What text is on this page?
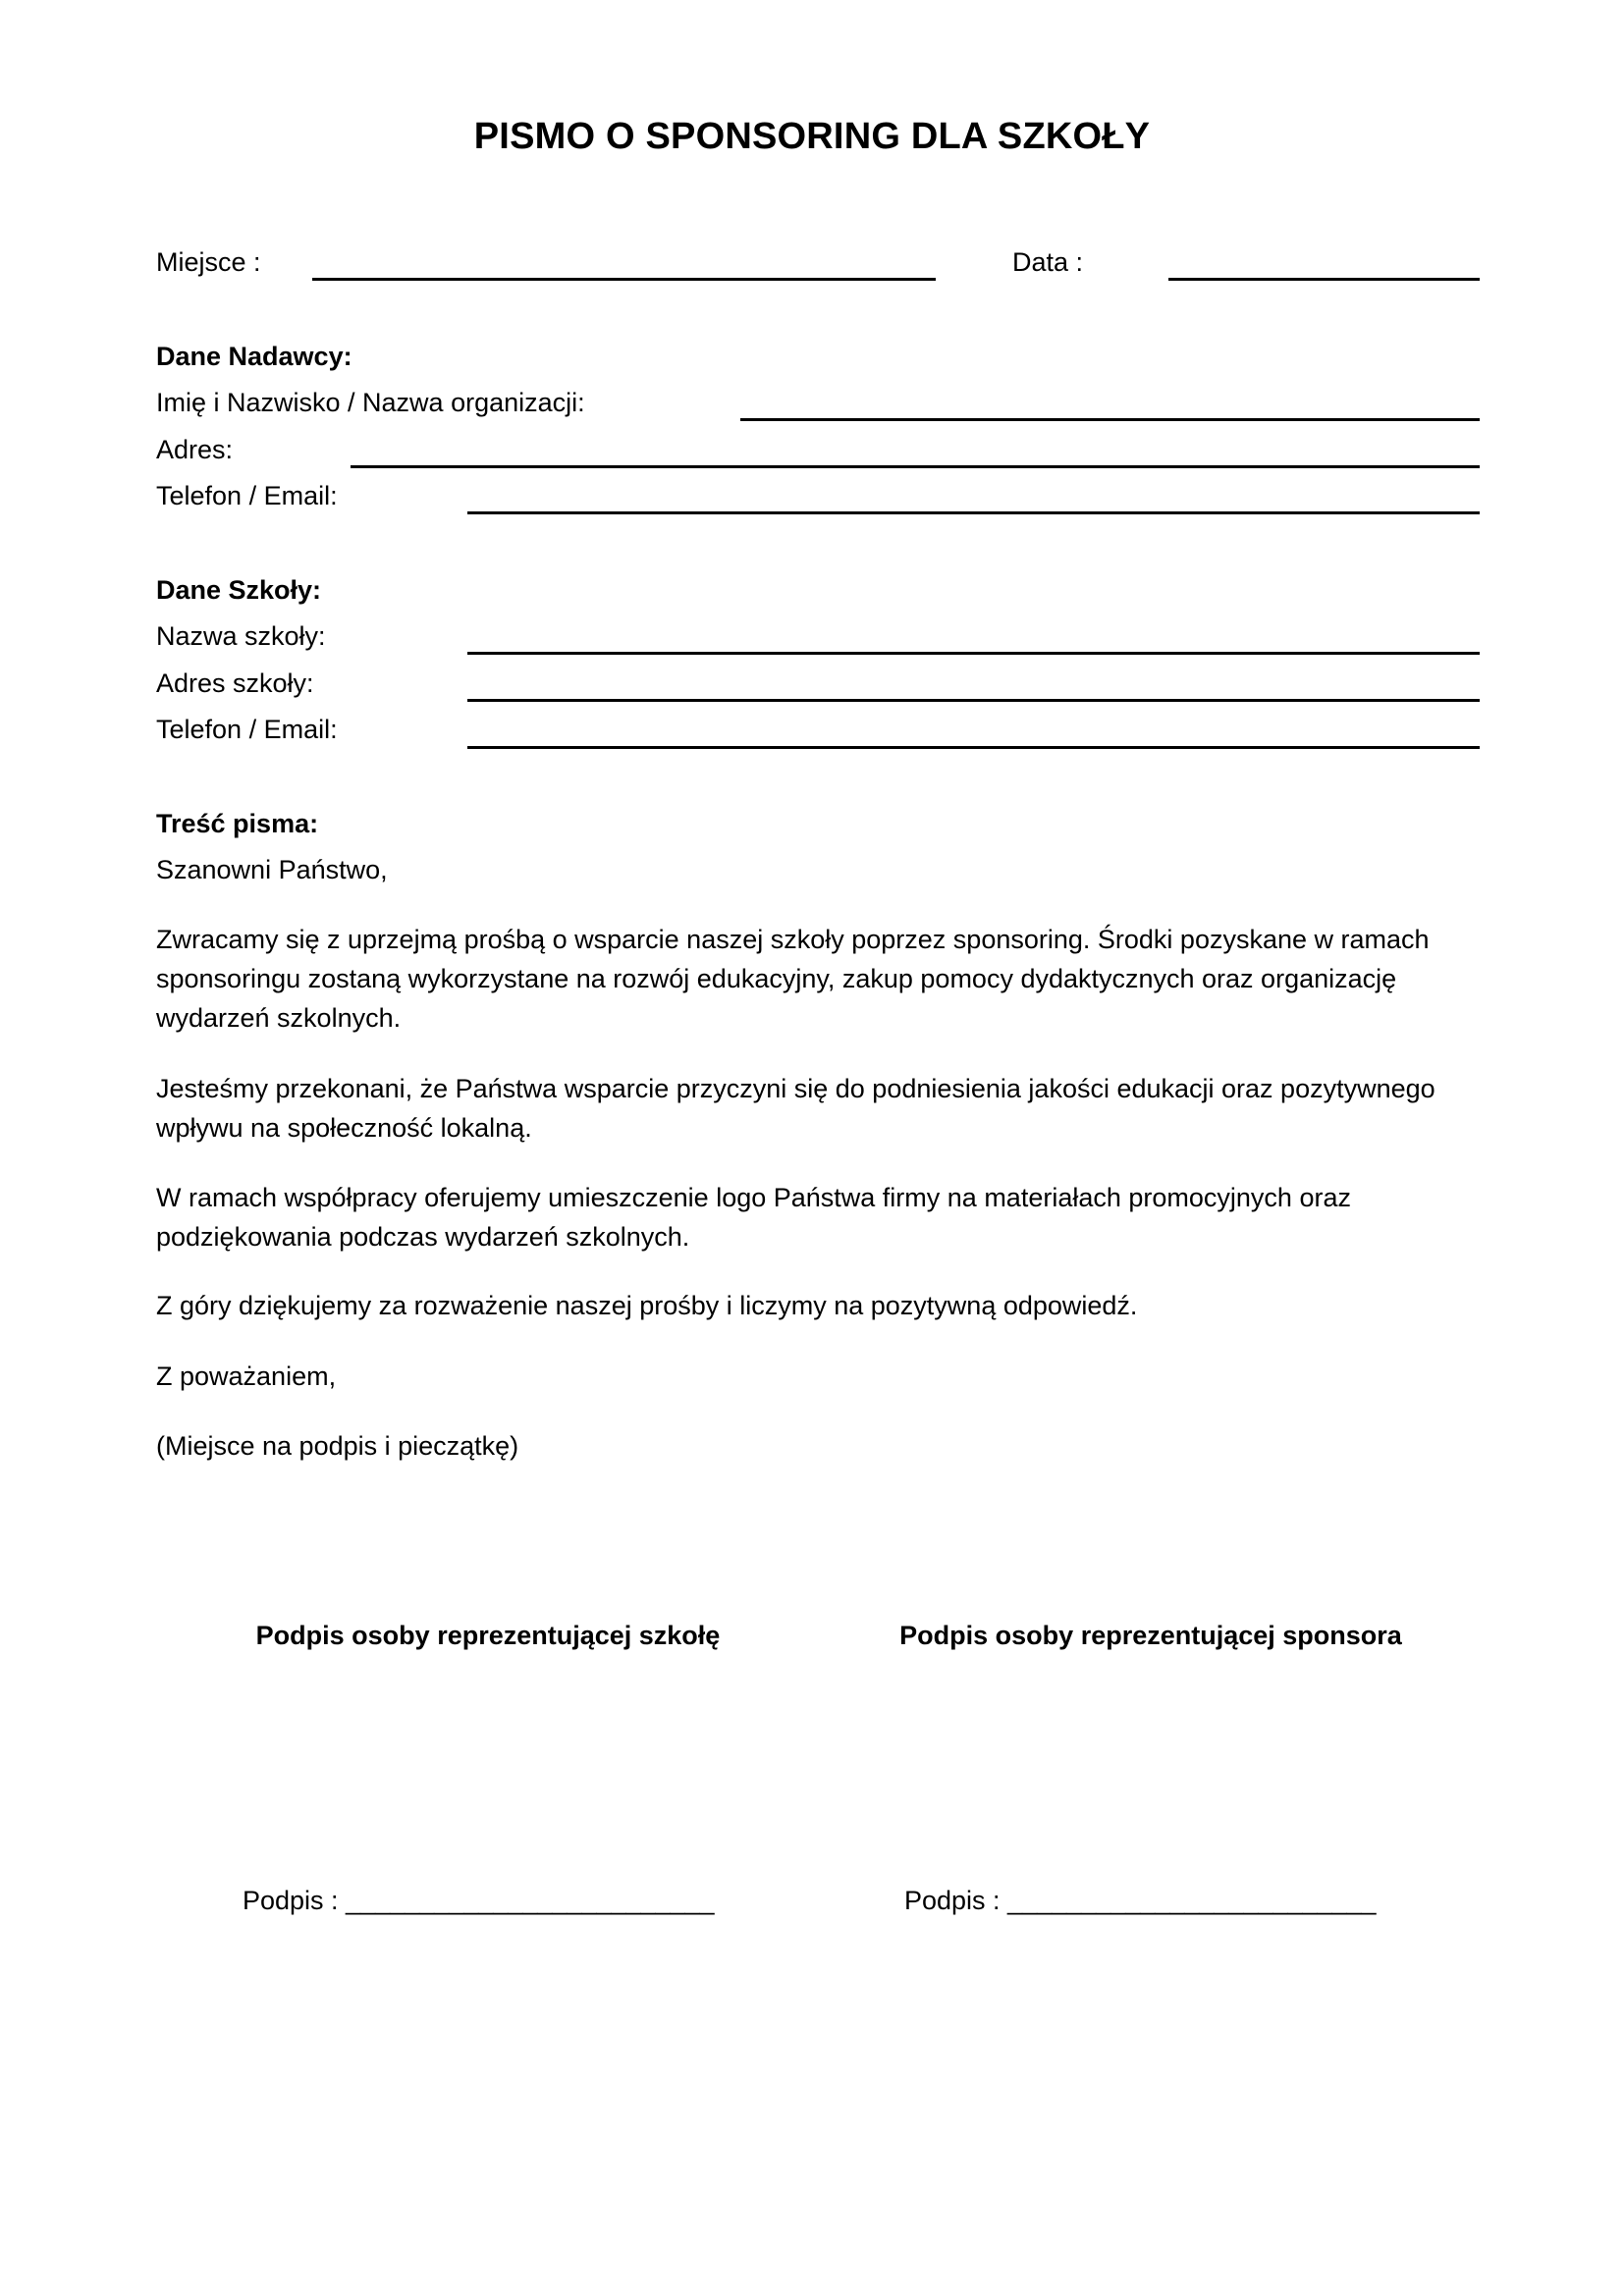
PISMO O SPONSORING DLA SZKOŁY
Miejsce :	Data :
Dane Nadawcy:
Imię i Nazwisko / Nazwa organizacji:
Adres:
Telefon / Email:
Dane Szkoły:
Nazwa szkoły:
Adres szkoły:
Telefon / Email:
Treść pisma:
Szanowni Państwo,
Zwracamy się z uprzejmą prośbą o wsparcie naszej szkoły poprzez sponsoring. Środki pozyskane w ramach sponsoringu zostaną wykorzystane na rozwój edukacyjny, zakup pomocy dydaktycznych oraz organizację wydarzeń szkolnych.
Jesteśmy przekonani, że Państwa wsparcie przyczyni się do podniesienia jakości edukacji oraz pozytywnego wpływu na społeczność lokalną.
W ramach współpracy oferujemy umieszczenie logo Państwa firmy na materiałach promocyjnych oraz podziękowania podczas wydarzeń szkolnych.
Z góry dziękujemy za rozważenie naszej prośby i liczymy na pozytywną odpowiedź.
Z poważaniem,
(Miejsce na podpis i pieczątkę)
Podpis osoby reprezentującej szkołę	Podpis osoby reprezentującej sponsora
Podpis : _________________________	Podpis : _________________________
